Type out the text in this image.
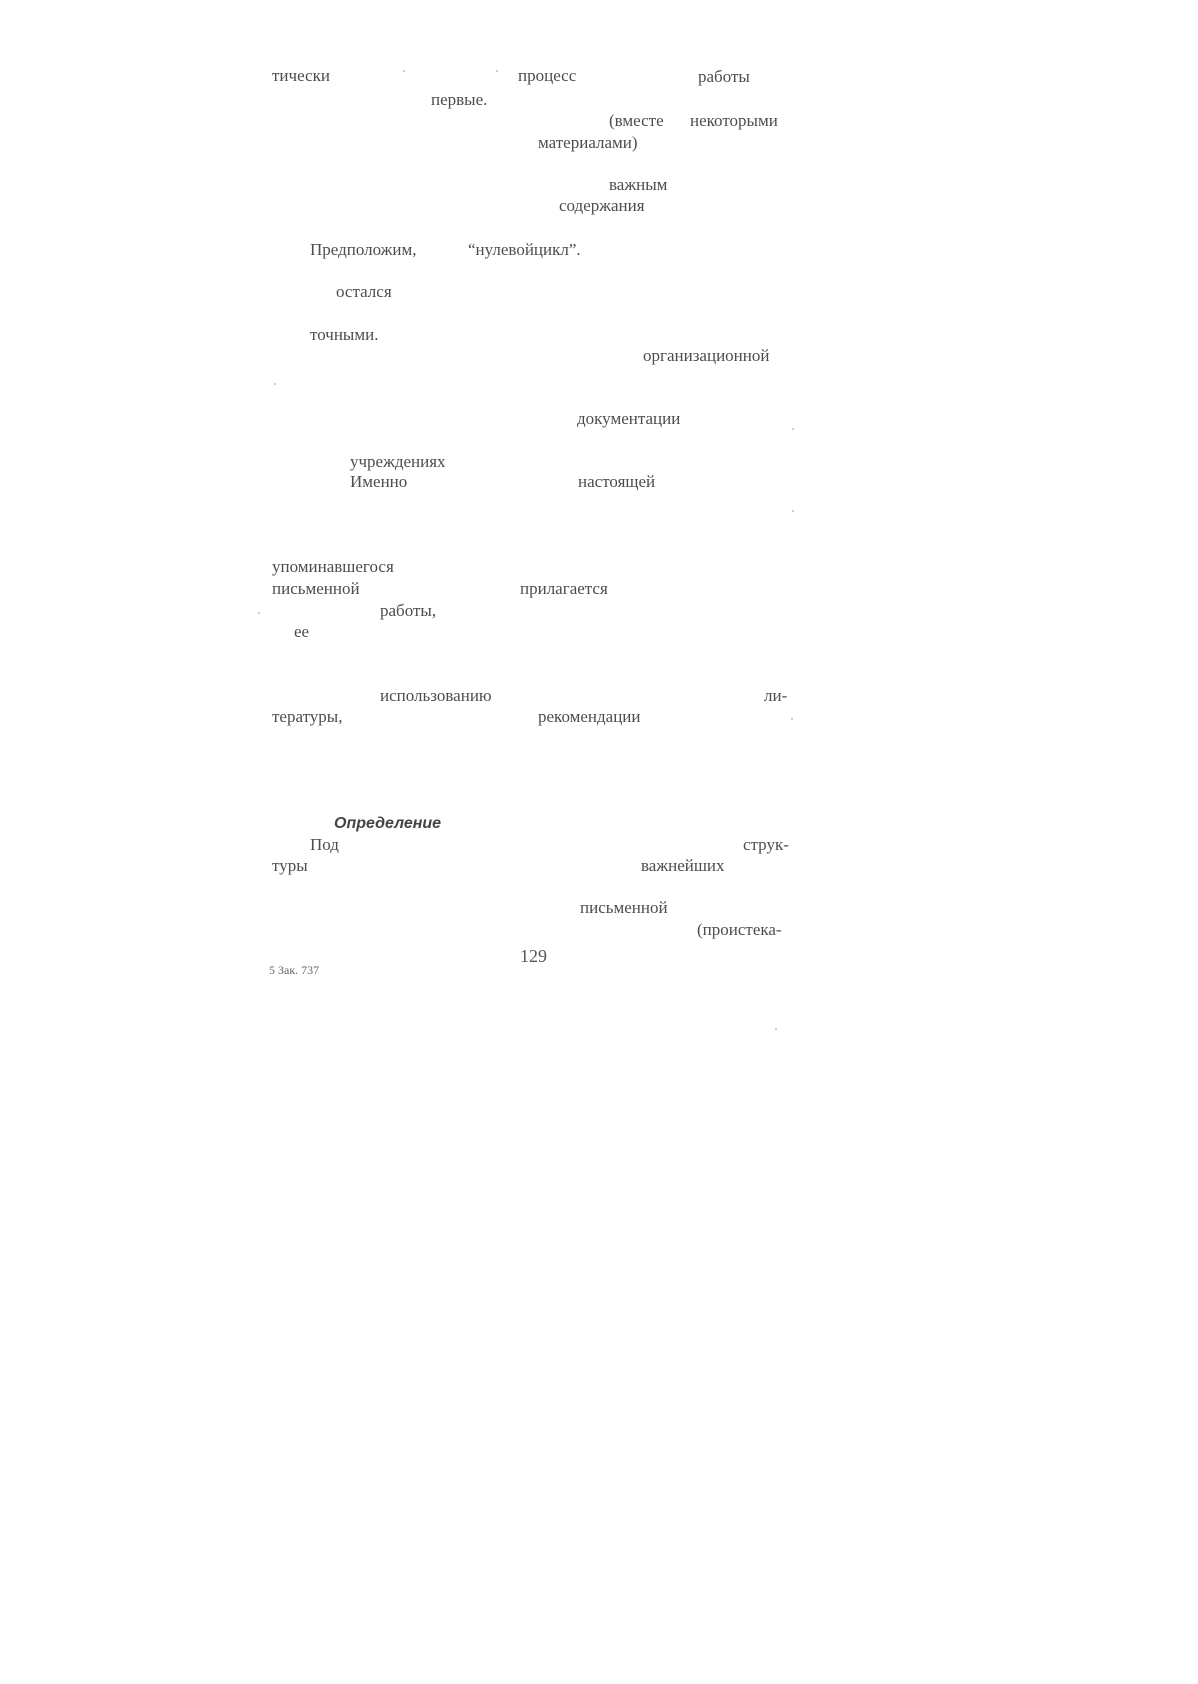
тически	процесс	работы
первые.
(вместе некоторыми
материалами)
важным
содержания
Предположим,	“нулевойцикл”.
остался
точными.
организационной
документации
учреждениях
Именно	настоящей
упоминавшегося
письменной	прилагается
работы,
ее
использованию	ли-
тературы,	рекомендации
Определение
Под	струк-
туры	важнейших
письменной
(проистека-
5 Зак. 737
129
